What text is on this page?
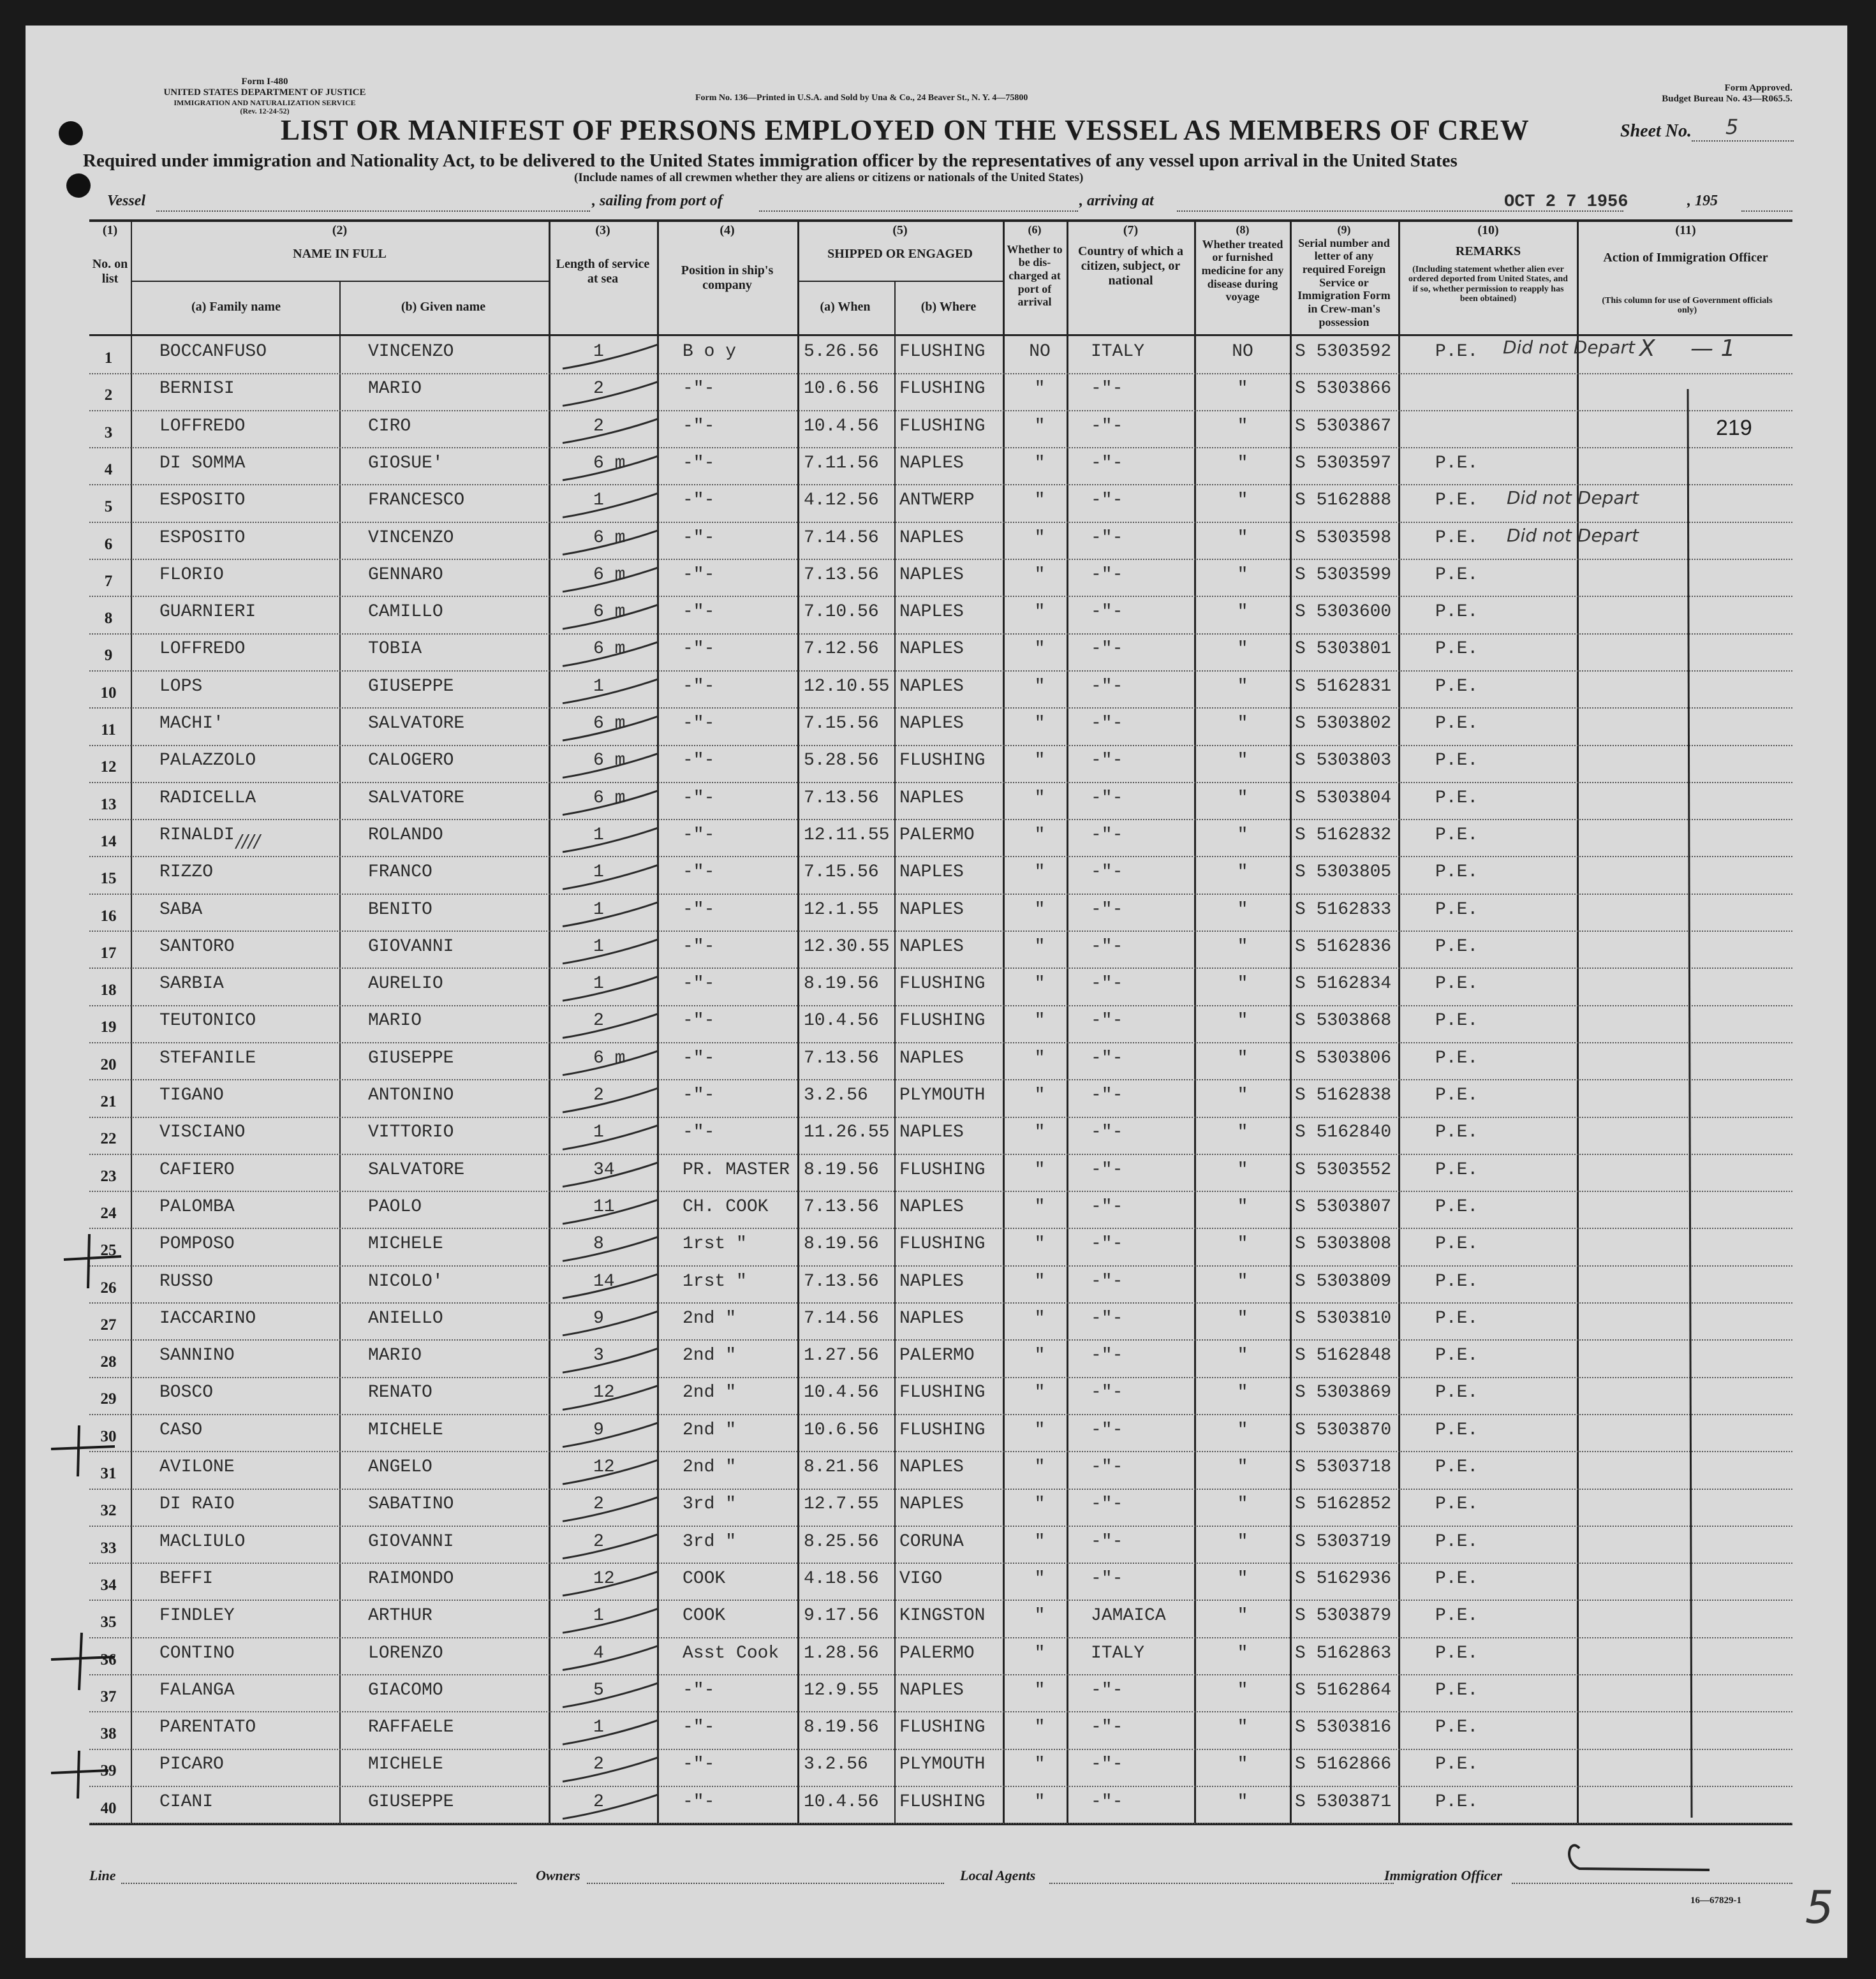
Form I-480
UNITED STATES DEPARTMENT OF JUSTICE
IMMIGRATION AND NATURALIZATION SERVICE
(Rev. 12-24-52)
Form No. 136—Printed in U.S.A. and Sold by Una & Co., 24 Beaver St., N. Y. 4—75800
Form Approved.
Budget Bureau No. 43—R065.5.
LIST OR MANIFEST OF PERSONS EMPLOYED ON THE VESSEL AS MEMBERS OF CREW	Sheet No. 5
Required under immigration and Nationality Act, to be delivered to the United States immigration officer by the representatives of any vessel upon arrival in the United States
(Include names of all crewmen whether they are aliens or citizens or nationals of the United States)
Vessel	, sailing from port of	, arriving at	OCT 2 7 1956	, 195
(1)
No. on list
(2)
NAME IN FULL
(a) Family name	(b) Given name
(3)
Length of service at sea
(4)
Position in ship's company
(5)
SHIPPED OR ENGAGED
(a) When	(b) Where
(6)
Whether to be dis-charged at port of arrival
(7)
Country of which a citizen, subject, or national
(8)
Whether treated or furnished medicine for any disease during voyage
(9)
Serial number and letter of any required Foreign Service or Immigration Form in Crew-man's possession
(10)
REMARKS
(Including statement whether alien ever ordered deported from United States, and if so, whether permission to reapply has been obtained)
(11)
Action of Immigration Officer
(This column for use of Government officials only)
1	BOCCANFUSO	VINCENZO	1	B o y	5.26.56 FLUSHING	NO	ITALY	NO	S 5303592 P.E.
2	BERNISI	MARIO	2	-"-	10.6.56 FLUSHING	"	-"-	"	S 5303866
3	LOFFREDO	CIRO	2	-"-	10.4.56 FLUSHING	"	-"-	"	S 5303867
4	DI SOMMA	GIOSUE'	6 m	-"-	7.11.56 NAPLES	"	-"-	"	S 5303597 P.E.
5	ESPOSITO	FRANCESCO	1	-"-	4.12.56 ANTWERP	"	-"-	"	S 5162888 P.E.
6	ESPOSITO	VINCENZO	6 m	-"-	7.14.56 NAPLES	"	-"-	"	S 5303598 P.E.
7	FLORIO	GENNARO	6 m	-"-	7.13.56 NAPLES	"	-"-	"	S 5303599 P.E.
8	GUARNIERI	CAMILLO	6 m	-"-	7.10.56 NAPLES	"	-"-	"	S 5303600 P.E.
9	LOFFREDO	TOBIA	6 m	-"-	7.12.56 NAPLES	"	-"-	"	S 5303801 P.E.
10	LOPS	GIUSEPPE	1	-"-	12.10.55 NAPLES	"	-"-	"	S 5162831 P.E.
11	MACHI'	SALVATORE	6 m	-"-	7.15.56 NAPLES	"	-"-	"	S 5303802 P.E.
12	PALAZZOLO	CALOGERO	6 m	-"-	5.28.56 FLUSHING	"	-"-	"	S 5303803 P.E.
13	RADICELLA	SALVATORE	6 m	-"-	7.13.56 NAPLES	"	-"-	"	S 5303804 P.E.
14	RINALDI	ROLANDO	1	-"-	12.11.55 PALERMO	"	-"-	"	S 5162832 P.E.
15	RIZZO	FRANCO	1	-"-	7.15.56 NAPLES	"	-"-	"	S 5303805 P.E.
16	SABA	BENITO	1	-"-	12.1.55 NAPLES	"	-"-	"	S 5162833 P.E.
17	SANTORO	GIOVANNI	1	-"-	12.30.55 NAPLES	"	-"-	"	S 5162836 P.E.
18	SARBIA	AURELIO	1	-"-	8.19.56 FLUSHING	"	-"-	"	S 5162834 P.E.
19	TEUTONICO	MARIO	2	-"-	10.4.56 FLUSHING	"	-"-	"	S 5303868 P.E.
20	STEFANILE	GIUSEPPE	6 m	-"-	7.13.56 NAPLES	"	-"-	"	S 5303806 P.E.
21	TIGANO	ANTONINO	2	-"-	3.2.56 PLYMOUTH	"	-"-	"	S 5162838 P.E.
22	VISCIANO	VITTORIO	1	-"-	11.26.55 NAPLES	"	-"-	"	S 5162840 P.E.
23	CAFIERO	SALVATORE	34	PR. MASTER 8.19.56 FLUSHING	"	-"-	"	S 5303552 P.E.
24	PALOMBA	PAOLO	11	CH. COOK 7.13.56 NAPLES	"	-"-	"	S 5303807 P.E.
25	POMPOSO	MICHELE	8	1rst "	8.19.56 FLUSHING	"	-"-	"	S 5303808 P.E.
26	RUSSO	NICOLO'	14	1rst "	7.13.56 NAPLES	"	-"-	"	S 5303809 P.E.
27	IACCARINO	ANIELLO	9	2nd "	7.14.56 NAPLES	"	-"-	"	S 5303810 P.E.
28	SANNINO	MARIO	3	2nd "	1.27.56 PALERMO	"	-"-	"	S 5162848 P.E.
29	BOSCO	RENATO	12	2nd "	10.4.56 FLUSHING	"	-"-	"	S 5303869 P.E.
30	CASO	MICHELE	9	2nd "	10.6.56 FLUSHING	"	-"-	"	S 5303870 P.E.
31	AVILONE	ANGELO	12	2nd "	8.21.56 NAPLES	"	-"-	"	S 5303718 P.E.
32	DI RAIO	SABATINO	2	3rd "	12.7.55 NAPLES	"	-"-	"	S 5162852 P.E.
33	MACLIULO	GIOVANNI	2	3rd "	8.25.56 CORUNA	"	-"-	"	S 5303719 P.E.
34	BEFFI	RAIMONDO	12	COOK	4.18.56 VIGO	"	-"-	"	S 5162936 P.E.
35	FINDLEY	ARTHUR	1	COOK	9.17.56 KINGSTON	"	JAMAICA	"	S 5303879 P.E.
36	CONTINO	LORENZO	4	Asst Cook 1.28.56 PALERMO	"	ITALY	"	S 5162863 P.E.
37	FALANGA	GIACOMO	5	-"-	12.9.55 NAPLES	"	-"-	"	S 5162864 P.E.
38	PARENTATO	RAFFAELE	1	-"-	8.19.56 FLUSHING	"	-"-	"	S 5303816 P.E.
39	PICARO	MICHELE	2	-"-	3.2.56 PLYMOUTH	"	-"-	"	S 5162866 P.E.
40	CIANI	GIUSEPPE	2	-"-	10.4.56 FLUSHING	"	-"-	"	S 5303871 P.E.
Did not Depart X — 1
219
Did not Depart
Did not Depart
////
Line	Owners	Local Agents	Immigration Officer
16—67829-1 5
